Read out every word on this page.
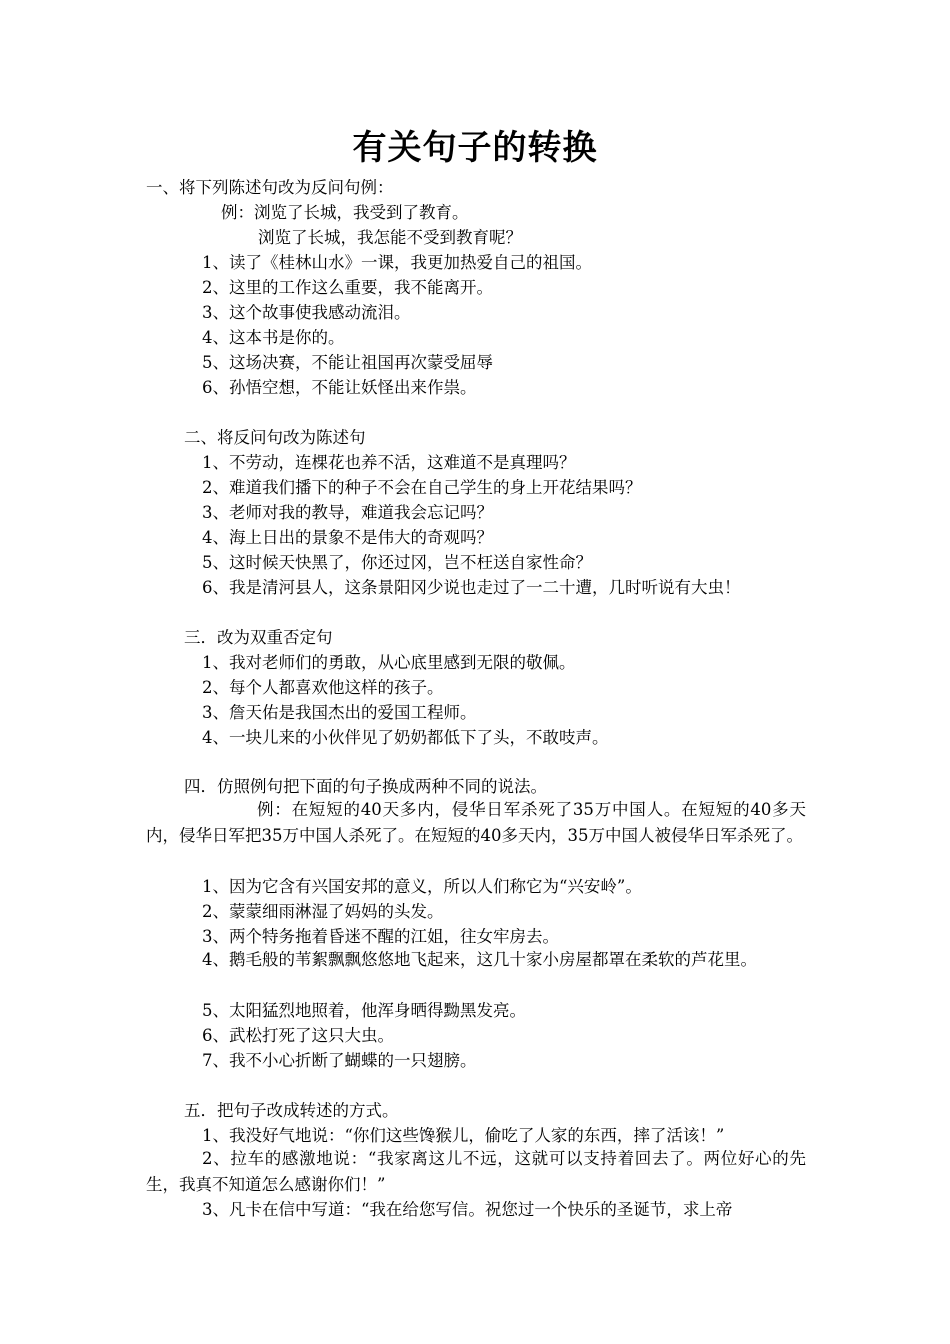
有关句子的转换
一、将下列陈述句改为反问句例：
例：浏览了长城，我受到了教育。
浏览了长城，我怎能不受到教育呢？
1、读了《桂林山水》一课，我更加热爱自己的祖国。
2、这里的工作这么重要，我不能离开。
3、这个故事使我感动流泪。
4、这本书是你的。
5、这场决赛，不能让祖国再次蒙受屈辱
6、孙悟空想，不能让妖怪出来作祟。
二、将反问句改为陈述句
1、不劳动，连棵花也养不活，这难道不是真理吗？
2、难道我们播下的种子不会在自己学生的身上开花结果吗？
3、老师对我的教导，难道我会忘记吗？
4、海上日出的景象不是伟大的奇观吗？
5、这时候天快黑了，你还过冈，岂不枉送自家性命？
6、我是清河县人，这条景阳冈少说也走过了一二十遭，几时听说有大虫！
三．改为双重否定句
1、我对老师们的勇敢，从心底里感到无限的敬佩。
2、每个人都喜欢他这样的孩子。
3、詹天佑是我国杰出的爱国工程师。
4、一块儿来的小伙伴见了奶奶都低下了头，不敢吱声。
四．仿照例句把下面的句子换成两种不同的说法。
例：在短短的40天多内，侵华日军杀死了35万中国人。在短短的40多天内，侵华日军把35万中国人杀死了。在短短的40多天内，35万中国人被侵华日军杀死了。
1、因为它含有兴国安邦的意义，所以人们称它为“兴安岭”。
2、蒙蒙细雨淋湿了妈妈的头发。
3、两个特务拖着昏迷不醒的江姐，往女牢房去。
4、鹅毛般的苇絮飘飘悠悠地飞起来，这几十家小房屋都罩在柔软的芦花里。
5、太阳猛烈地照着，他浑身晒得黝黑发亮。
6、武松打死了这只大虫。
7、我不小心折断了蝴蝶的一只翅膀。
五．把句子改成转述的方式。
1、我没好气地说：“你们这些馋猴儿，偷吃了人家的东西，摔了活该！”
2、拉车的感激地说：“我家离这儿不远，这就可以支持着回去了。两位好心的先生，我真不知道怎么感谢你们！”
3、凡卡在信中写道：“我在给您写信。祝您过一个快乐的圣诞节，求上帝
